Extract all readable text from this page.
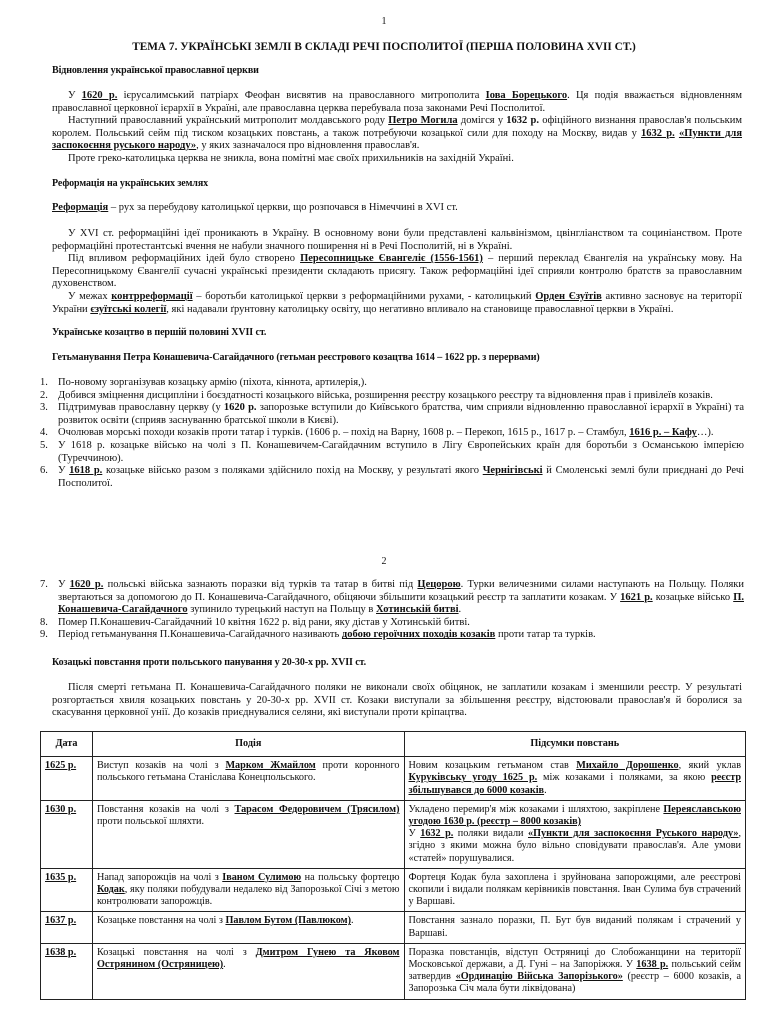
1
ТЕМА 7. УКРАЇНСЬКІ ЗЕМЛІ В СКЛАДІ РЕЧІ ПОСПОЛИТОЇ (ПЕРША ПОЛОВИНА XVII СТ.)
Відновлення української православної церкви

У 1620 р. ієрусалимський патріарх Феофан висвятив на православного митрополита Іова Борецького. Ця подія вважається відновленням православної церковної ієрархії в Україні, але православна церква перебувала поза законами Речі Посполитої.

Наступний православний український митрополит молдавського роду Петро Могила домігся у 1632 р. офіційного визнання православ'я польським королем. Польський сейм під тиском козацьких повстань, а також потребуючи козацької сили для походу на Москву, видав у 1632 р. «Пункти для заспокоєння руського народу», у яких зазначалося про відновлення православ'я.

Проте греко-католицька церква не зникла, вона помітні має своїх прихильників на західній Україні.

Реформація на українських землях

Реформація – рух за перебудову католицької церкви, що розпочався в Німеччині в XVI ст.

У XVI ст. реформаційні ідеї проникають в Україну. В основному вони були представлені кальвінізмом, цвінгліанством та социніанством. Проте реформаційні протестантські вчення не набули значного поширення ні в Речі Посполитій, ні в Україні.

Під впливом реформаційних ідей було створено Пересопницьке Євангеліє (1556-1561) – перший переклад Євангелія на українську мову. На Пересопницькому Євангелії сучасні українські президенти складають присягу. Також реформаційні ідеї сприяли контролю братств за православним духовенством.

У межах контрреформації – боротьби католицької церкви з реформаційними рухами, - католицький Орден Єзуїтів активно засновує на території України єзуїтські колегії, які надавали ґрунтовну католицьку освіту, що негативно впливало на становище православної церкви в Україні.

Українське козацтво в першій половині XVII ст.
Гетьманування Петра Конашевича-Сагайдачного (гетьман реєстрового козацтва 1614 – 1622 рр. з перервами)
1. По-новому зорганізував козацьку армію (піхота, кіннота, артилерія,).
2. Добився зміцнення дисципліни і боєздатності козацького війська, розширення реєстру козацького реєстру та відновлення прав і привілеїв козаків.
3. Підтримував православну церкву (у 1620 р. запорозьке вступили до Київського братства, чим сприяли відновленню православної ієрархії в Україні) та розвиток освіти (сприяв заснуванню братської школи в Києві).
4. Очолював морські походи козаків проти татар і турків. (1606 р. – похід на Варну, 1608 р. – Перекоп, 1615 р., 1617 р. – Стамбул, 1616 р. – Кафу…).
5. У 1618 р. козацьке військо на чолі з П. Конашевичем-Сагайдачним вступило в Лігу Європейських країн для боротьби з Османською імперією (Туреччиною).
6. У 1618 р. козацьке військо разом з поляками здійснило похід на Москву, у результаті якого Чернігівські й Смоленські землі були приєднані до Речі Посполитої.
2
7. У 1620 р. польські війська зазнають поразки від турків та татар в битві під Цецорою. Турки величезними силами наступають на Польщу. Поляки звертаються за допомогою до П. Конашевича-Сагайдачного, обіцяючи збільшити козацький реєстр та заплатити козакам. У 1621 р. козацьке військо П. Конашевича-Сагайдачного зупинило турецький наступ на Польщу в Хотинській битві.
8. Помер П.Конашевич-Сагайдачний 10 квітня 1622 р. від рани, яку дістав у Хотинській битві.
9. Період гетьманування П.Конашевича-Сагайдачного називають добою героїчних походів козаків проти татар та турків.
Козацькі повстання проти польського панування у 20-30-х рр. XVII ст.

Після смерті гетьмана П. Конашевича-Сагайдачного поляки не виконали своїх обіцянок, не заплатили козакам і зменшили реєстр. У результаті розгортається хвиля козацьких повстань у 20-30-х рр. XVII ст. Козаки виступали за збільшення реєстру, відстоювали православ'я й боролися за скасування церковної унії. До козаків приєднувалися селяни, які виступали проти кріпацтва.

Дата	Подія	Підсумки повстань
1625 р.	Виступ козаків на чолі з Марком Жмайлом проти коронного польського гетьмана Станіслава Конецпольського.	Новим козацьким гетьманом став Михайло Дорошенко, який уклав Куруківську угоду 1625 р. між козаками і поляками, за якою реєстр збільшувався до 6000 козаків.
1630 р.	Повстання козаків на чолі з Тарасом Федоровичем (Трясилом) проти польської шляхти.	Укладено перемир'я між козаками і шляхтою, закріплене Переяславською угодою 1630 р. (реєстр – 8000 козаків)
У 1632 р. поляки видали «Пункти для заспокоєння Руського народу», згідно з якими можна було вільно сповідувати православ'я. Але умови «статей» порушувалися.
1635 р.	Напад запорожців на чолі з Іваном Сулимою на польську фортецю Кодак, яку поляки побудували недалеко від Запорозької Січі з метою контролювати запорожців.	Фортеця Кодак була захоплена і зруйнована запорожцями, але реєстрові скопили і видали полякам керівників повстання. Іван Сулима був страчений у Варшаві.
1637 р.	Козацьке повстання на чолі з Павлом Бутом (Павлюком).	Повстання зазнало поразки, П. Бут був виданий полякам і страчений у Варшаві.
1638 р.	Козацькі повстання на чолі з Дмитром Гунею та Яковом Острянином (Остряницею).	Поразка повстанців, відступ Остряниці до Слобожанщини на території Московської держави, а Д. Гуні – на Запоріжжя. У 1638 р. польський сейм затвердив «Ординацію Війська Запорізького» (реєстр – 6000 козаків, а Запорозька Січ мала бути ліквідована)
